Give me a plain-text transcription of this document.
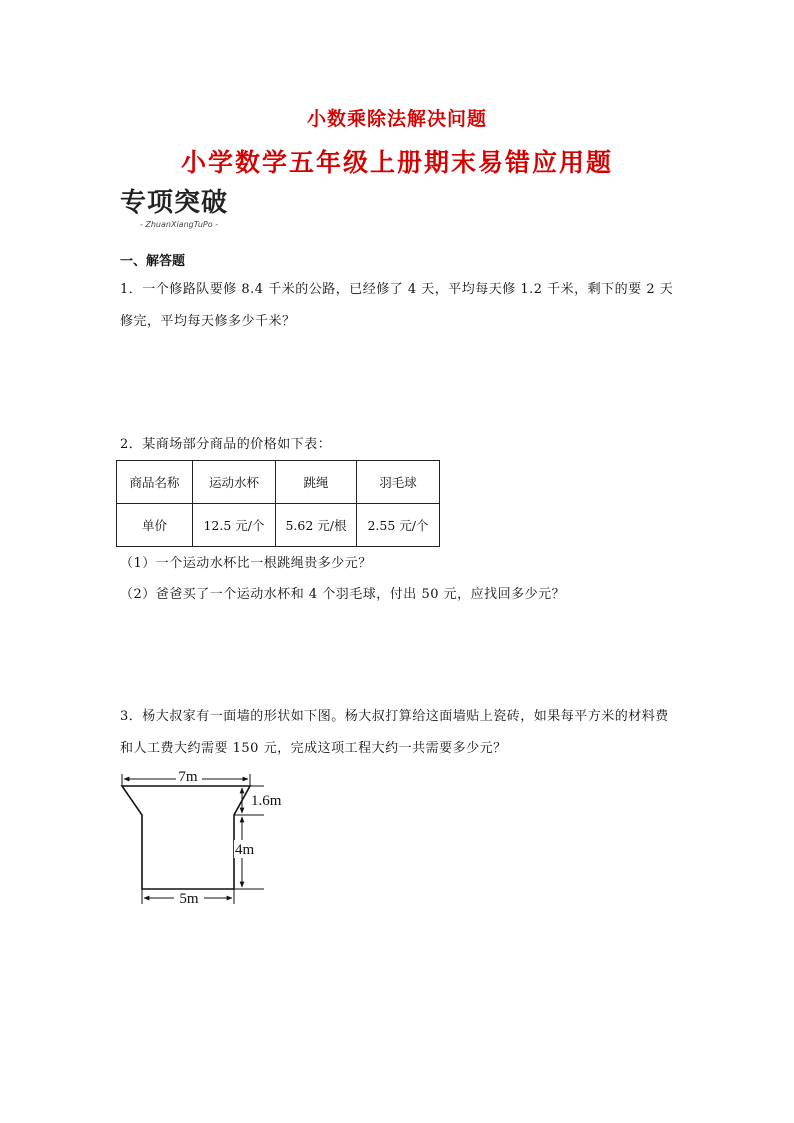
小数乘除法解决问题
小学数学五年级上册期末易错应用题
专项突破
- ZhuanXiangTuPo -
一、解答题
1．一个修路队要修 8.4 千米的公路，已经修了 4 天，平均每天修 1.2 千米，剩下的要 2 天修完，平均每天修多少千米？
2．某商场部分商品的价格如下表：
商品名称	运动水杯	跳绳	羽毛球
单价	12.5 元/个	5.62 元/根	2.55 元/个
（1）一个运动水杯比一根跳绳贵多少元？
（2）爸爸买了一个运动水杯和 4 个羽毛球，付出 50 元，应找回多少元？
3．杨大叔家有一面墙的形状如下图。杨大叔打算给这面墙贴上瓷砖，如果每平方米的材料费和人工费大约需要 150 元，完成这项工程大约一共需要多少元？
7m
1.6m
4m
5m
